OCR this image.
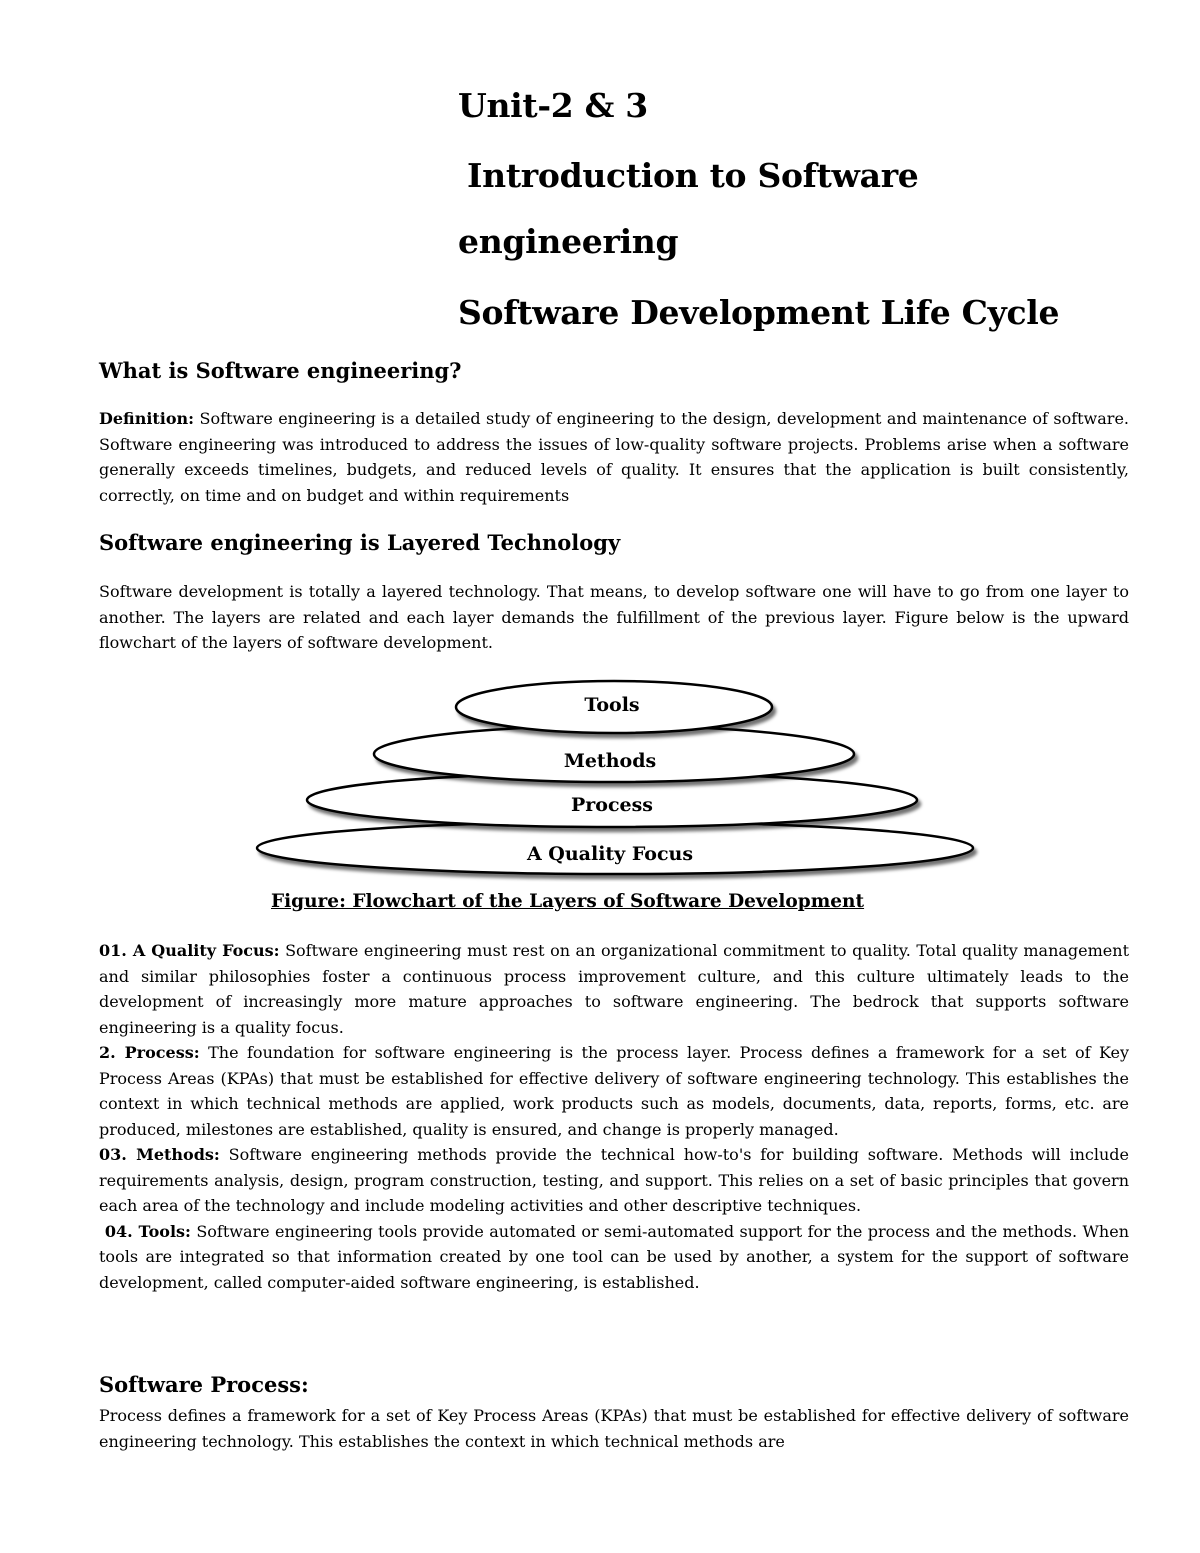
Unit-2 & 3
Introduction to Software
engineering
Software Development Life Cycle
What is Software engineering?
Definition: Software engineering is a detailed study of engineering to the design, development and maintenance of software. Software engineering was introduced to address the issues of low-quality software projects. Problems arise when a software generally exceeds timelines, budgets, and reduced levels of quality. It ensures that the application is built consistently, correctly, on time and on budget and within requirements
Software engineering is Layered Technology
Software development is totally a layered technology. That means, to develop software one will have to go from one layer to another. The layers are related and each layer demands the fulfillment of the previous layer. Figure below is the upward flowchart of the layers of software development.
Tools
Methods
Process
A Quality Focus
Figure: Flowchart of the Layers of Software Development
01. A Quality Focus: Software engineering must rest on an organizational commitment to quality. Total quality management and similar philosophies foster a continuous process improvement culture, and this culture ultimately leads to the development of increasingly more mature approaches to software engineering. The bedrock that supports software engineering is a quality focus.
2. Process: The foundation for software engineering is the process layer. Process defines a framework for a set of Key Process Areas (KPAs) that must be established for effective delivery of software engineering technology. This establishes the context in which technical methods are applied, work products such as models, documents, data, reports, forms, etc. are produced, milestones are established, quality is ensured, and change is properly managed.
03. Methods: Software engineering methods provide the technical how-to's for building software. Methods will include requirements analysis, design, program construction, testing, and support. This relies on a set of basic principles that govern each area of the technology and include modeling activities and other descriptive techniques.
04. Tools: Software engineering tools provide automated or semi-automated support for the process and the methods. When tools are integrated so that information created by one tool can be used by another, a system for the support of software development, called computer-aided software engineering, is established.
Software Process:
Process defines a framework for a set of Key Process Areas (KPAs) that must be established for effective delivery of software engineering technology. This establishes the context in which technical methods are
